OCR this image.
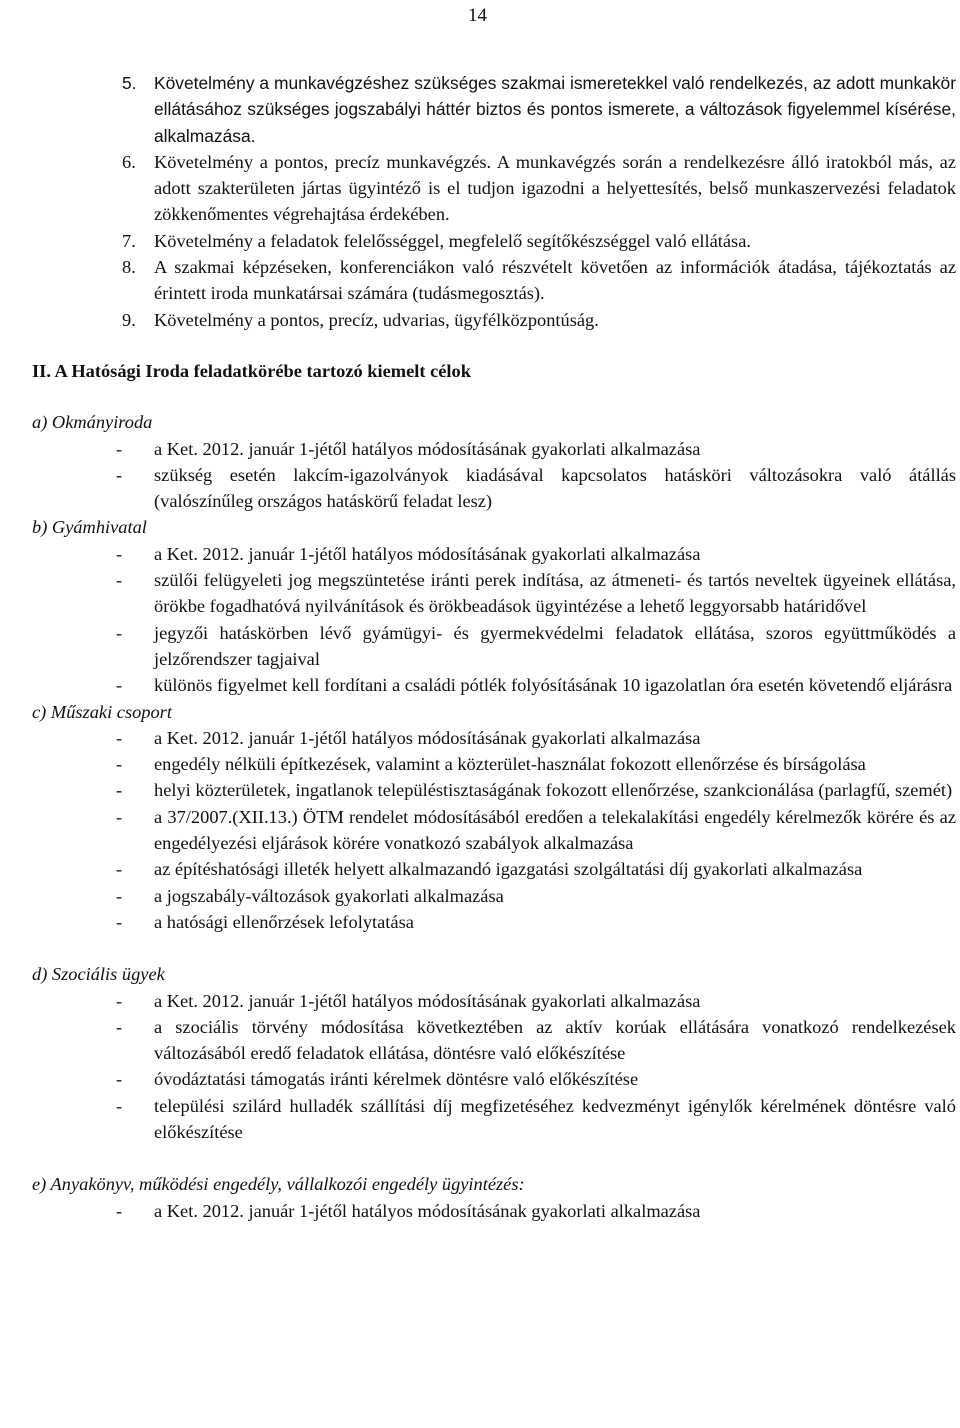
14
5.	Követelmény a munkavégzéshez szükséges szakmai ismeretekkel való rendelkezés, az adott munkakör ellátásához szükséges jogszabályi háttér biztos és pontos ismerete, a változások figyelemmel kísérése, alkalmazása.
6. Követelmény a pontos, precíz munkavégzés. A munkavégzés során a rendelkezésre álló iratokból más, az adott szakterületen jártas ügyintéző is el tudjon igazodni a helyettesítés, belső munkaszervezési feladatok zökkenőmentes végrehajtása érdekében.
7. Követelmény a feladatok felelősséggel, megfelelő segítőkészséggel való ellátása.
8. A szakmai képzéseken, konferenciákon való részvételt követően az információk átadása, tájékoztatás az érintett iroda munkatársai számára (tudásmegosztás).
9. Követelmény a pontos, precíz, udvarias, ügyfélközpontúság.
II. A Hatósági Iroda feladatkörébe tartozó kiemelt célok
a) Okmányiroda
-	a Ket. 2012. január 1-jétől hatályos módosításának gyakorlati alkalmazása
-	szükség esetén lakcím-igazolványok kiadásával kapcsolatos hatásköri változásokra való átállás (valószínűleg országos hatáskörű feladat lesz)
b) Gyámhivatal
-	a Ket. 2012. január 1-jétől hatályos módosításának gyakorlati alkalmazása
-	szülői felügyeleti jog megszüntetése iránti perek indítása, az átmeneti- és tartós neveltek ügyeinek ellátása, örökbe fogadhatóvá nyilvánítások és örökbeadások ügyintézése a lehető leggyorsabb határidővel
-	jegyzői hatáskörben lévő gyámügyi- és gyermekvédelmi feladatok ellátása, szoros együttműködés a jelzőrendszer tagjaival
-	különös figyelmet kell fordítani a családi pótlék folyósításának 10 igazolatlan óra esetén követendő eljárásra
c) Műszaki csoport
-	a Ket. 2012. január 1-jétől hatályos módosításának gyakorlati alkalmazása
-	engedély nélküli építkezések, valamint a közterület-használat fokozott ellenőrzése és bírságolása
-	helyi közterületek, ingatlanok településtisztaságának fokozott ellenőrzése, szankcionálása (parlagfű, szemét)
-	a 37/2007.(XII.13.) ÖTM rendelet módosításából eredően a telekalakítási engedély kérelmezők körére és az engedélyezési eljárások körére vonatkozó szabályok alkalmazása
-	az építéshatósági illeték helyett alkalmazandó igazgatási szolgáltatási díj gyakorlati alkalmazása
-	a jogszabály-változások gyakorlati alkalmazása
-	a hatósági ellenőrzések lefolytatása
d) Szociális ügyek
-	a Ket. 2012. január 1-jétől hatályos módosításának gyakorlati alkalmazása
-	a szociális törvény módosítása következtében az aktív korúak ellátására vonatkozó rendelkezések változásából eredő feladatok ellátása, döntésre való előkészítése
-	óvodáztatási támogatás iránti kérelmek döntésre való előkészítése
-	települési szilárd hulladék szállítási díj megfizetéséhez kedvezményt igénylők kérelmének döntésre való előkészítése
e) Anyakönyv, működési engedély, vállalkozói engedély ügyintézés:
-	a Ket. 2012. január 1-jétől hatályos módosításának gyakorlati alkalmazása
